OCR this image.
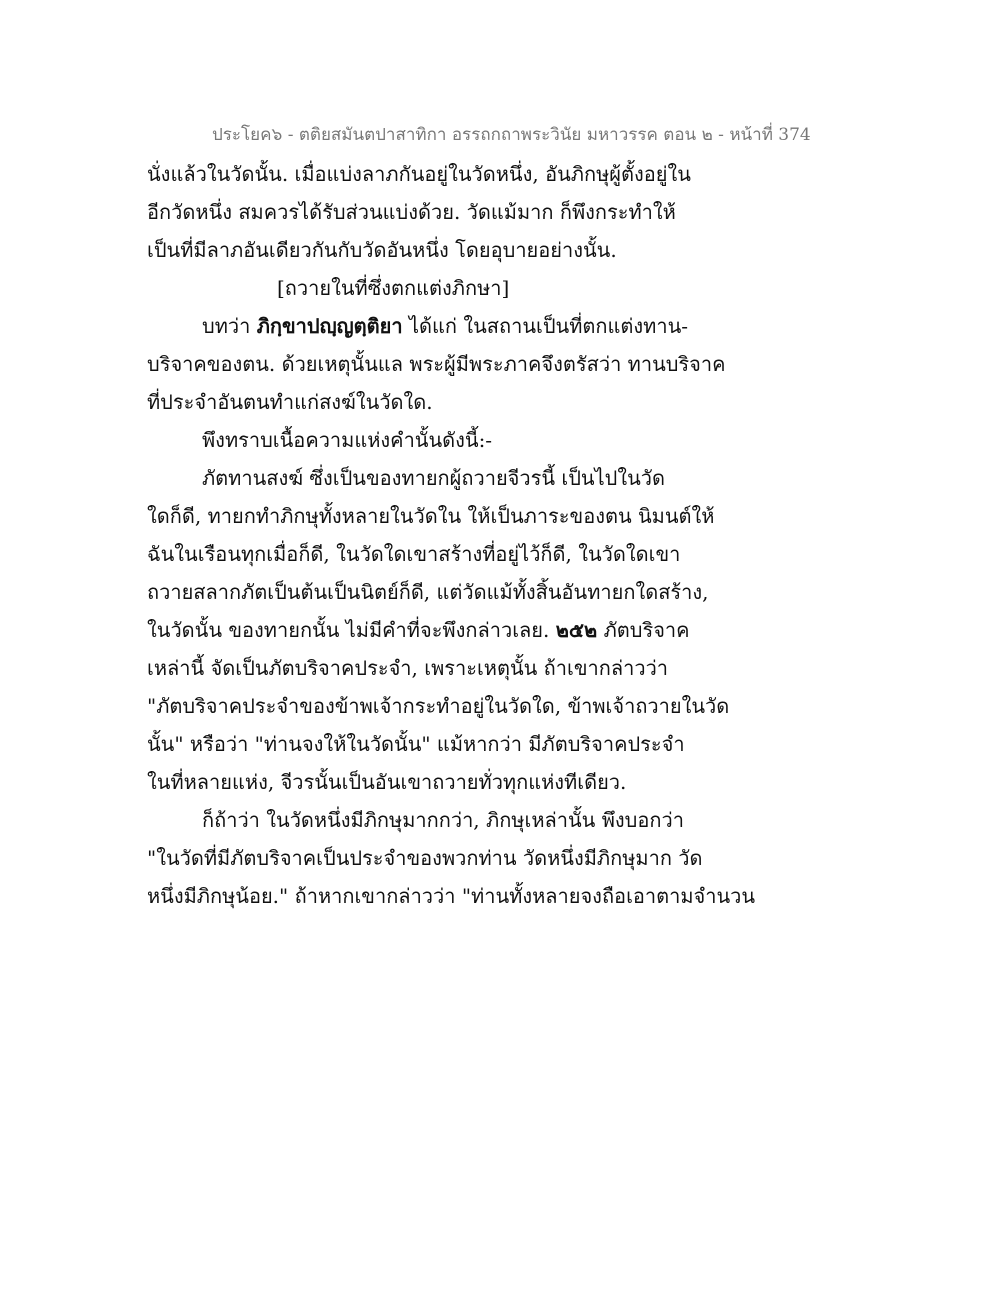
ประโยค๖ - ตติยสมันตปาสาทิกา อรรถกถาพระวินัย มหาวรรค ตอน ๒ - หน้าที่ 374
นั่งแล้วในวัดนั้น. เมื่อแบ่งลาภกันอยู่ในวัดหนึ่ง, อันภิกษุผู้ตั้งอยู่ใน
อีกวัดหนึ่ง สมควรได้รับส่วนแบ่งด้วย. วัดแม้มาก ก็พึงกระทำให้
เป็นที่มีลาภอันเดียวกันกับวัดอันหนึ่ง โดยอุบายอย่างนั้น.
[ถวายในที่ซึ่งตกแต่งภิกษา]
บทว่า ภิกฺขาปญฺญตฺติยา ได้แก่ ในสถานเป็นที่ตกแต่งทาน-
บริจาคของตน. ด้วยเหตุนั้นแล พระผู้มีพระภาคจึงตรัสว่า ทานบริจาค
ที่ประจำอันตนทำแก่สงฆ์ในวัดใด.
พึงทราบเนื้อความแห่งคำนั้นดังนี้:-
ภัตทานสงฆ์ ซึ่งเป็นของทายกผู้ถวายจีวรนี้ เป็นไปในวัด
ใดก็ดี, ทายกทำภิกษุทั้งหลายในวัดใน ให้เป็นภาระของตน นิมนต์ให้
ฉันในเรือนทุกเมื่อก็ดี, ในวัดใดเขาสร้างที่อยู่ไว้ก็ดี, ในวัดใดเขา
ถวายสลากภัตเป็นต้นเป็นนิตย์ก็ดี, แต่วัดแม้ทั้งสิ้นอันทายกใดสร้าง,
ในวัดนั้น ของทายกนั้น ไม่มีคำที่จะพึงกล่าวเลย. ๒๕๒ ภัตบริจาค
เหล่านี้ จัดเป็นภัตบริจาคประจำ, เพราะเหตุนั้น ถ้าเขากล่าวว่า
"ภัตบริจาคประจำของข้าพเจ้ากระทำอยู่ในวัดใด, ข้าพเจ้าถวายในวัด
นั้น" หรือว่า "ท่านจงให้ในวัดนั้น" แม้หากว่า มีภัตบริจาคประจำ
ในที่หลายแห่ง, จีวรนั้นเป็นอันเขาถวายทั่วทุกแห่งทีเดียว.
ก็ถ้าว่า ในวัดหนึ่งมีภิกษุมากกว่า, ภิกษุเหล่านั้น พึงบอกว่า
"ในวัดที่มีภัตบริจาคเป็นประจำของพวกท่าน วัดหนึ่งมีภิกษุมาก วัด
หนึ่งมีภิกษุน้อย." ถ้าหากเขากล่าวว่า "ท่านทั้งหลายจงถือเอาตามจำนวน
